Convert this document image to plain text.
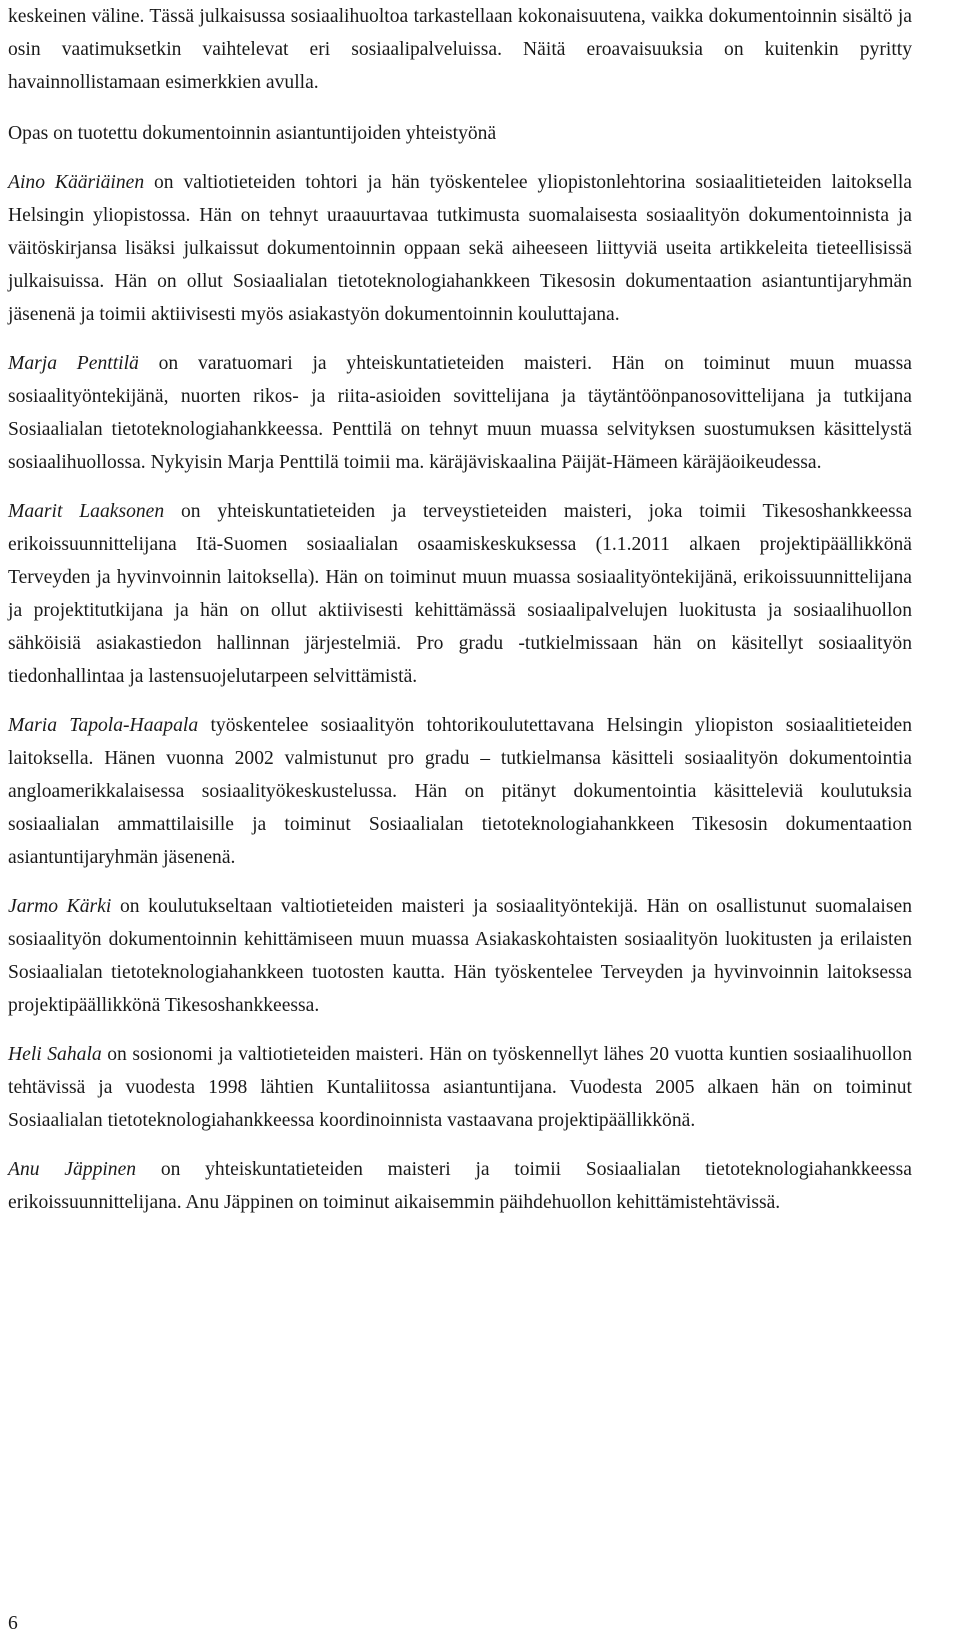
keskeinen väline. Tässä julkaisussa sosiaalihuoltoa tarkastellaan kokonaisuutena, vaikka dokumentoinnin sisältö ja osin vaatimuksetkin vaihtelevat eri sosiaalipalveluissa. Näitä eroavaisuuksia on kuitenkin pyritty havainnollistamaan esimerkkien avulla.

Opas on tuotettu dokumentoinnin asiantuntijoiden yhteistyönä

Aino Kääriäinen on valtiotieteiden tohtori ja hän työskentelee yliopistonlehtorina sosiaalitieteiden laitoksella Helsingin yliopistossa. Hän on tehnyt uraauurtavaa tutkimusta suomalaisesta sosiaalityön dokumentoinnista ja väitöskirjansa lisäksi julkaissut dokumentoinnin oppaan sekä aiheeseen liittyviä useita artikkeleita tieteellisissä julkaisuissa. Hän on ollut Sosiaalialan tietoteknologiahankkeen Tikesosin dokumentaation asiantuntijaryhmän jäsenenä ja toimii aktiivisesti myös asiakastyön dokumentoinnin kouluttajana.

Marja Penttilä on varatuomari ja yhteiskuntatieteiden maisteri. Hän on toiminut muun muassa sosiaalityöntekijänä, nuorten rikos- ja riita-asioiden sovittelijana ja täytäntöönpanosovittelijana ja tutkijana Sosiaalialan tietoteknologiahankkeessa. Penttilä on tehnyt muun muassa selvityksen suostumuksen käsittelystä sosiaalihuollossa. Nykyisin Marja Penttilä toimii ma. käräjäviskaalina Päijät-Hämeen käräjäoikeudessa.

Maarit Laaksonen on yhteiskuntatieteiden ja terveystieteiden maisteri, joka toimii Tikesoshankkeessa erikoissuunnittelijana Itä-Suomen sosiaalialan osaamiskeskuksessa (1.1.2011 alkaen projektipäällikkönä Terveyden ja hyvinvoinnin laitoksella). Hän on toiminut muun muassa sosiaalityöntekijänä, erikoissuunnittelijana ja projektitutkijana ja hän on ollut aktiivisesti kehittämässä sosiaalipalvelujen luokitusta ja sosiaalihuollon sähköisiä asiakastiedon hallinnan järjestelmiä. Pro gradu -tutkielmissaan hän on käsitellyt sosiaalityön tiedonhallintaa ja lastensuojelutarpeen selvittämistä.

Maria Tapola-Haapala työskentelee sosiaalityön tohtorikoulutettavana Helsingin yliopiston sosiaalitieteiden laitoksella. Hänen vuonna 2002 valmistunut pro gradu – tutkielmansa käsitteli sosiaalityön dokumentointia angloamerikkalaisessa sosiaalityökeskustelussa. Hän on pitänyt dokumentointia käsitteleviä koulutuksia sosiaalialan ammattilaisille ja toiminut Sosiaalialan tietoteknologiahankkeen Tikesosin dokumentaation asiantuntijaryhmän jäsenenä.

Jarmo Kärki on koulutukseltaan valtiotieteiden maisteri ja sosiaalityöntekijä. Hän on osallistunut suomalaisen sosiaalityön dokumentoinnin kehittämiseen muun muassa Asiakaskohtaisten sosiaalityön luokitusten ja erilaisten Sosiaalialan tietoteknologiahankkeen tuotosten kautta. Hän työskentelee Terveyden ja hyvinvoinnin laitoksessa projektipäällikkönä Tikesoshankkeessa.

Heli Sahala on sosionomi ja valtiotieteiden maisteri. Hän on työskennellyt lähes 20 vuotta kuntien sosiaalihuollon tehtävissä ja vuodesta 1998 lähtien Kuntaliitossa asiantuntijana. Vuodesta 2005 alkaen hän on toiminut Sosiaalialan tietoteknologiahankkeessa koordinoinnista vastaavana projektipäällikkönä.

Anu Jäppinen on yhteiskuntatieteiden maisteri ja toimii Sosiaalialan tietoteknologiahankkeessa erikoissuunnittelijana. Anu Jäppinen on toiminut aikaisemmin päihdehuollon kehittämistehtävissä.

6
